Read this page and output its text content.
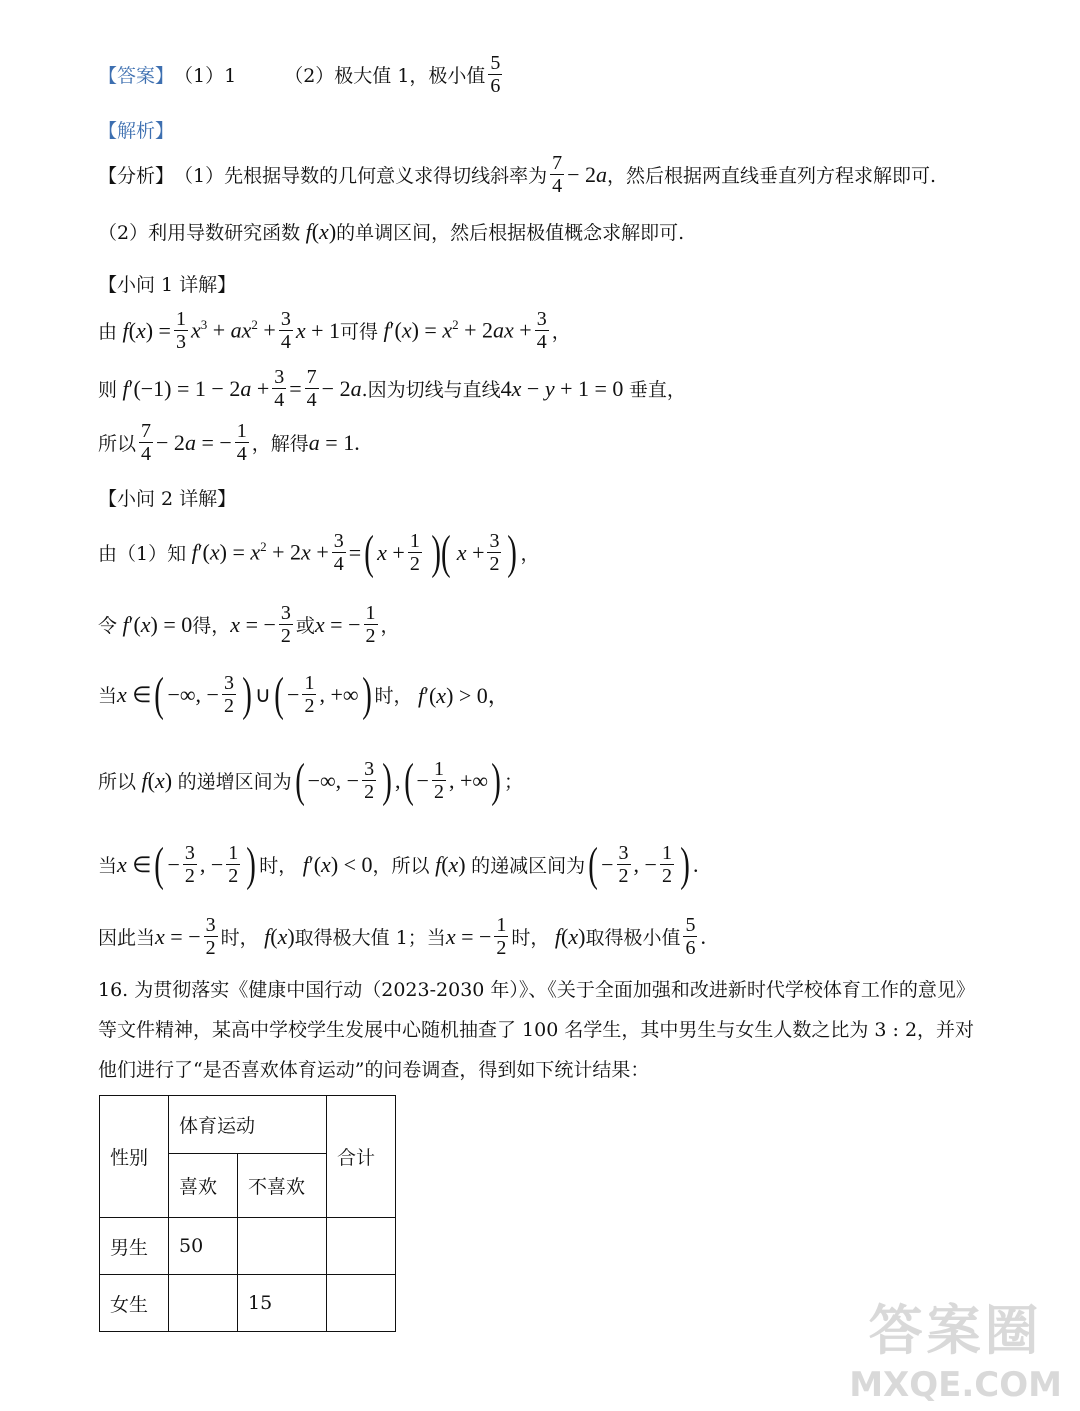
【答案】 （1）1	（2）极大值 1，极小值 $\frac{5}{6}$
【解析】
【分析】 （1）先根据导数的几何意义求得切线斜率为 $\frac{7}{4} - 2a$ ，然后根据两直线垂直列方程求解即可.
（2）利用导数研究函数 f(x) 的单调区间，然后根据极值概念求解即可.
【小问 1 详解】
由 $f(x) = \frac{1}{3} x^3 + ax^2 + \frac{3}{4}$ x + 1 可得 $f'(x) = x^2 + 2ax + \frac{3}{4}$ ，
则 $f'(-1) = 1 - 2a + \frac{3}{4} = \frac{7}{4} - 2a$ .因为切线与直线 4x − y + 1 = 0 垂直，
所以 $\frac{7}{4} - 2a$ = − $\frac{1}{4}$ ，解得 a = 1.
【小问 2 详解】
由（1）知 $f'(x) = x^2 + 2x + \frac{3}{4}$ = ( $x + \frac{1}{2}$ )( $x + \frac{3}{2}$ ) ，
令 f′(x) = 0 得， x = − $\frac{3}{2}$ 或 x = − $\frac{1}{2}$ ，
当 x ∈ ( −∞, − $\frac{3}{2}$ ) ∪ ( − $\frac{1}{2}$ , +∞ ) 时， f′(x) > 0，
所以 f(x) 的递增区间为 ( −∞, − $\frac{3}{2}$ ) , ( − $\frac{1}{2}$ , +∞ ) ；
当 x ∈ ( − $\frac{3}{2}$ , − $\frac{1}{2}$ ) 时， f′(x) < 0 ，所以 f(x) 的递减区间为 ( − $\frac{3}{2}$ , − $\frac{1}{2}$ ) .
因此当 x = − $\frac{3}{2}$ 时， f(x) 取得极大值 1；当 x = − $\frac{1}{2}$ 时， f(x) 取得极小值 $\frac{5}{6}$ .
16. 为贯彻落实《健康中国行动（2023-2030 年）》、《关于全面加强和改进新时代学校体育工作的意见》等文件精神，某高中学校学生发展中心随机抽查了 100 名学生，其中男生与女生人数之比为 3 : 2，并对他们进行了“是否喜欢体育运动”的问卷调查，得到如下统计结果：
性别	体育运动		合计
	喜欢	不喜欢	
男生	50		
女生		15		答案圈
MXQE.COM
